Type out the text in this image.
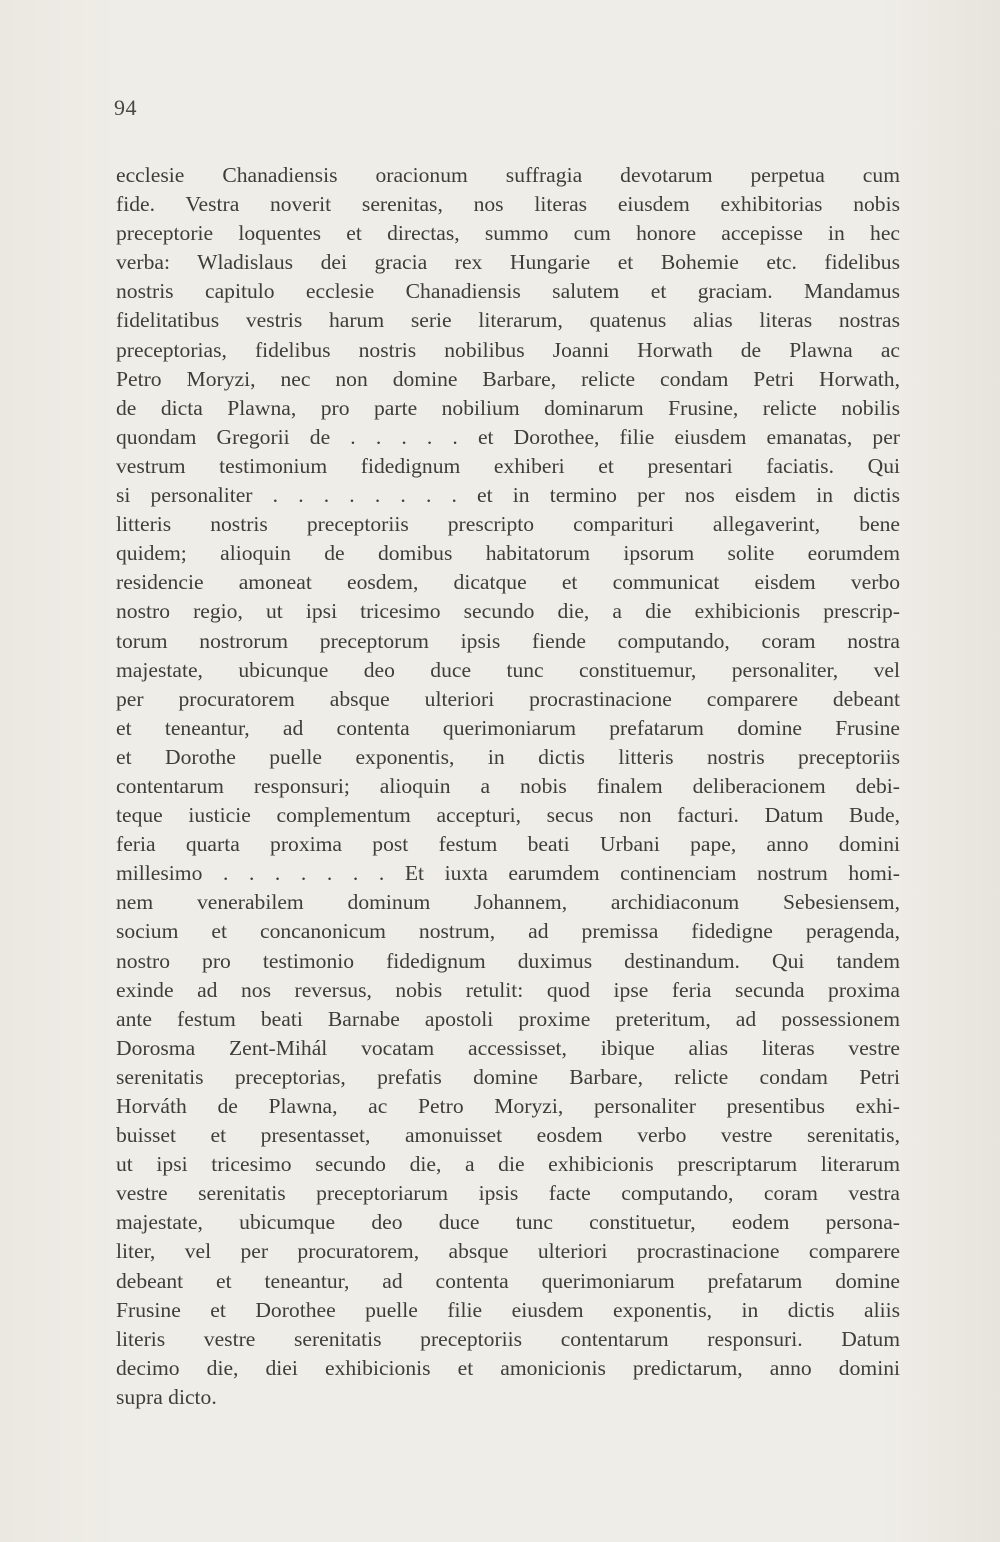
94
ecclesie Chanadiensis oracionum suffragia devotarum perpetua cum
fide. Vestra noverit serenitas, nos literas eiusdem exhibitorias nobis
preceptorie loquentes et directas, summo cum honore accepisse in hec
verba: Wladislaus dei gracia rex Hungarie et Bohemie etc. fidelibus
nostris capitulo ecclesie Chanadiensis salutem et graciam. Mandamus
fidelitatibus vestris harum serie literarum, quatenus alias literas nostras
preceptorias, fidelibus nostris nobilibus Joanni Horwath de Plawna ac
Petro Moryzi, nec non domine Barbare, relicte condam Petri Horwath,
de dicta Plawna, pro parte nobilium dominarum Frusine, relicte nobilis
quondam Gregorii de . . . . . et Dorothee, filie eiusdem emanatas, per
vestrum testimonium fidedignum exhiberi et presentari faciatis. Qui
si personaliter . . . . . . . . et in termino per nos eisdem in dictis
litteris nostris preceptoriis prescripto compariturі allegaverint, bene
quidem; alioquin de domibus habitatorum ipsorum solite eorumdem
residencie amoneat eosdem, dicatque et communicat eisdem verbo
nostro regio, ut ipsi tricesimo secundo die, a die exhibicionis prescrip-
torum nostrorum preceptorum ipsis fiende computando, coram nostra
majestate, ubicunque deo duce tunc constituemur, personaliter, vel
per procuratorem absque ulteriori procrastinacione comparere debeant
et teneantur, ad contenta querimoniarum prefatarum domine Frusine
et Dorothe puelle exponentis, in dictis litteris nostris preceptoriis
contentarum responsuri; alioquin a nobis finalem deliberacionem debi-
teque iusticie complementum accepturi, secus non facturi. Datum Bude,
feria quarta proxima post festum beati Urbani pape, anno domini
millesimo . . . . . . . Et iuxta earumdem continenciam nostrum homi-
nem venerabilem dominum Johannem, archidiaconum Sebesiensem,
socium et concanonicum nostrum, ad premissa fidedigne peragenda,
nostro pro testimonio fidedignum duximus destinandum. Qui tandem
exinde ad nos reversus, nobis retulit: quod ipse feria secunda proxima
ante festum beati Barnabe apostoli proxime preteritum, ad possessionem
Dorosma Zent-Mihál vocatam accessisset, ibique alias literas vestre
serenitatis preceptorias, prefatis domine Barbare, relicte condam Petri
Horváth de Plawna, ac Petro Moryzi, personaliter presentibus exhi-
buisset et presentasset, amonuisset eosdem verbo vestre serenitatis,
ut ipsi tricesimo secundo die, a die exhibicionis prescriptarum literarum
vestre serenitatis preceptoriarum ipsis facte computando, coram vestra
majestate, ubicumque deo duce tunc constituetur, eodem persona-
liter, vel per procuratorem, absque ulteriori procrastinacione comparere
debeant et teneantur, ad contenta querimoniarum prefatarum domine
Frusine et Dorothee puelle filie eiusdem exponentis, in dictis aliis
literis vestre serenitatis preceptoriis contentarum responsuri. Datum
decimo die, diei exhibicionis et amonicionis predictarum, anno domini
supra dicto.
